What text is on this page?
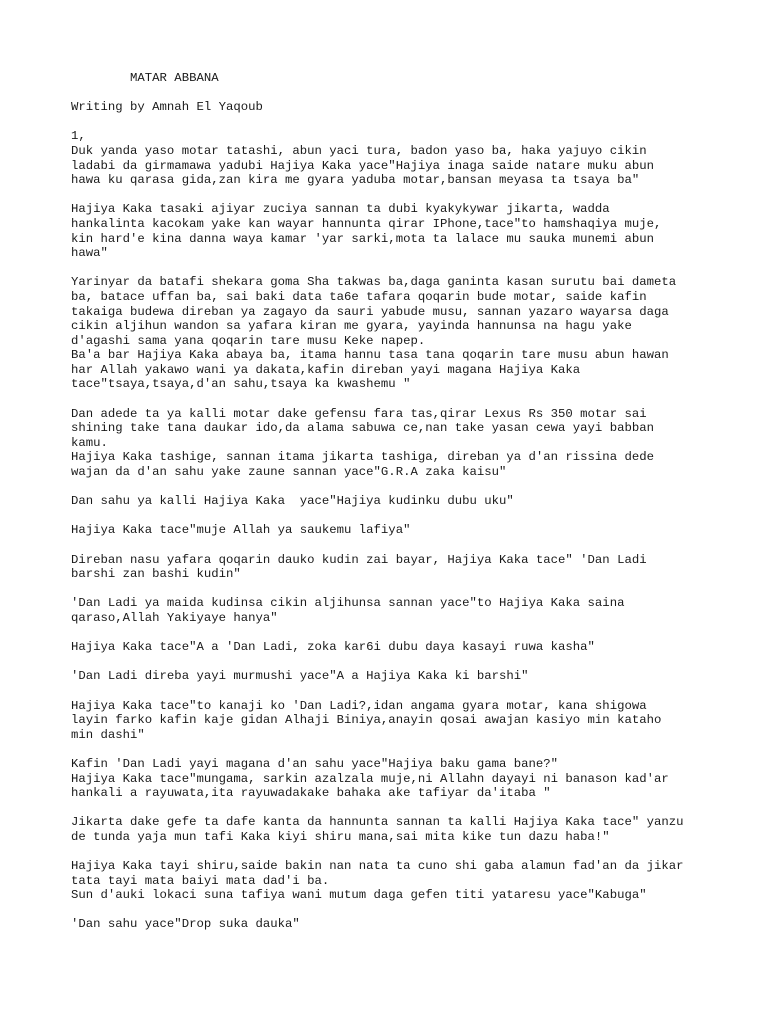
MATAR ABBANA

Writing by Amnah El Yaqoub

1,
Duk yanda yaso motar tatashi, abun yaci tura, badon yaso ba, haka yajuyo cikin
ladabi da girmamawa yadubi Hajiya Kaka yace"Hajiya inaga saide natare muku abun
hawa ku qarasa gida,zan kira me gyara yaduba motar,bansan meyasa ta tsaya ba"

Hajiya Kaka tasaki ajiyar zuciya sannan ta dubi kyakykywar jikarta, wadda
hankalinta kacokam yake kan wayar hannunta qirar IPhone,tace"to hamshaqiya muje,
kin hard'e kina danna waya kamar 'yar sarki,mota ta lalace mu sauka munemi abun
hawa"

Yarinyar da batafi shekara goma Sha takwas ba,daga ganinta kasan surutu bai dameta
ba, batace uffan ba, sai baki data ta6e tafara qoqarin bude motar, saide kafin
takaiga budewa direban ya zagayo da sauri yabude musu, sannan yazaro wayarsa daga
cikin aljihun wandon sa yafara kiran me gyara, yayinda hannunsa na hagu yake
d'agashi sama yana qoqarin tare musu Keke napep.
Ba'a bar Hajiya Kaka abaya ba, itama hannu tasa tana qoqarin tare musu abun hawan
har Allah yakawo wani ya dakata,kafin direban yayi magana Hajiya Kaka
tace"tsaya,tsaya,d'an sahu,tsaya ka kwashemu "

Dan adede ta ya kalli motar dake gefensu fara tas,qirar Lexus Rs 350 motar sai
shining take tana daukar ido,da alama sabuwa ce,nan take yasan cewa yayi babban
kamu.
Hajiya Kaka tashige, sannan itama jikarta tashiga, direban ya d'an rissina dede
wajan da d'an sahu yake zaune sannan yace"G.R.A zaka kaisu"

Dan sahu ya kalli Hajiya Kaka  yace"Hajiya kudinku dubu uku"

Hajiya Kaka tace"muje Allah ya saukemu lafiya"

Direban nasu yafara qoqarin dauko kudin zai bayar, Hajiya Kaka tace" 'Dan Ladi
barshi zan bashi kudin"

'Dan Ladi ya maida kudinsa cikin aljihunsa sannan yace"to Hajiya Kaka saina
qaraso,Allah Yakiyaye hanya"

Hajiya Kaka tace"A a 'Dan Ladi, zoka kar6i dubu daya kasayi ruwa kasha"

'Dan Ladi direba yayi murmushi yace"A a Hajiya Kaka ki barshi"

Hajiya Kaka tace"to kanaji ko 'Dan Ladi?,idan angama gyara motar, kana shigowa
layin farko kafin kaje gidan Alhaji Biniya,anayin qosai awajan kasiyo min kataho
min dashi"

Kafin 'Dan Ladi yayi magana d'an sahu yace"Hajiya baku gama bane?"
Hajiya Kaka tace"mungama, sarkin azalzala muje,ni Allahn dayayi ni banason kad'ar
hankali a rayuwata,ita rayuwadakake bahaka ake tafiyar da'itaba "

Jikarta dake gefe ta dafe kanta da hannunta sannan ta kalli Hajiya Kaka tace" yanzu
de tunda yaja mun tafi Kaka kiyi shiru mana,sai mita kike tun dazu haba!"

Hajiya Kaka tayi shiru,saide bakin nan nata ta cuno shi gaba alamun fad'an da jikar
tata tayi mata baiyi mata dad'i ba.
Sun d'auki lokaci suna tafiya wani mutum daga gefen titi yataresu yace"Kabuga"

'Dan sahu yace"Drop suka dauka"
